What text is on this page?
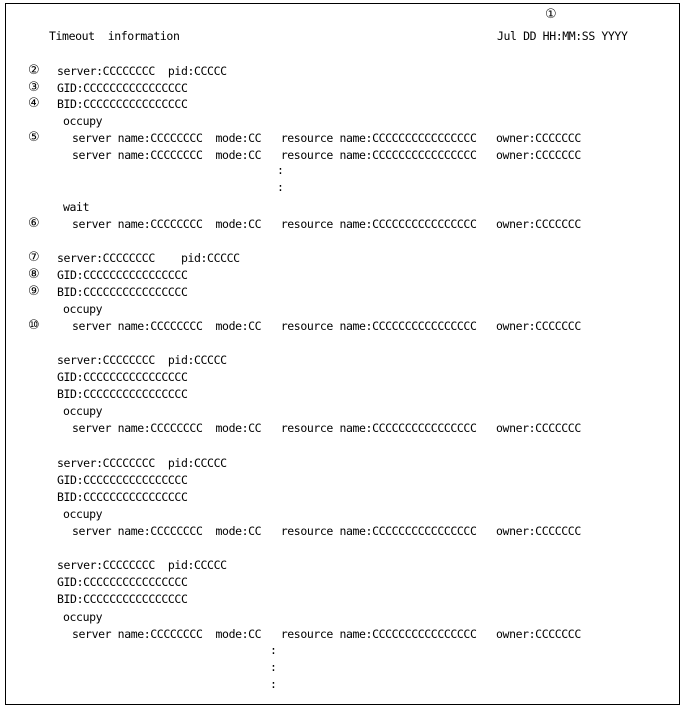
①
Timeout  information	Jul DD HH:MM:SS YYYY
②	server:CCCCCCCC  pid:CCCCC
③	GID:CCCCCCCCCCCCCCCC
④	BID:CCCCCCCCCCCCCCCC
occupy
⑤	server name:CCCCCCCC  mode:CC   resource name:CCCCCCCCCCCCCCCC   owner:CCCCCCC
server name:CCCCCCCC  mode:CC   resource name:CCCCCCCCCCCCCCCC   owner:CCCCCCC
:
:
wait
⑥	server name:CCCCCCCC  mode:CC   resource name:CCCCCCCCCCCCCCCC   owner:CCCCCCC
⑦	server:CCCCCCCC    pid:CCCCC
⑧	GID:CCCCCCCCCCCCCCCC
⑨	BID:CCCCCCCCCCCCCCCC
occupy
⑩	server name:CCCCCCCC  mode:CC   resource name:CCCCCCCCCCCCCCCC   owner:CCCCCCC
server:CCCCCCCC  pid:CCCCC
GID:CCCCCCCCCCCCCCCC
BID:CCCCCCCCCCCCCCCC
occupy
server name:CCCCCCCC  mode:CC   resource name:CCCCCCCCCCCCCCCC   owner:CCCCCCC
server:CCCCCCCC  pid:CCCCC
GID:CCCCCCCCCCCCCCCC
BID:CCCCCCCCCCCCCCCC
occupy
server name:CCCCCCCC  mode:CC   resource name:CCCCCCCCCCCCCCCC   owner:CCCCCCC
server:CCCCCCCC  pid:CCCCC
GID:CCCCCCCCCCCCCCCC
BID:CCCCCCCCCCCCCCCC
occupy
server name:CCCCCCCC  mode:CC   resource name:CCCCCCCCCCCCCCCC   owner:CCCCCCC
:
:
:
